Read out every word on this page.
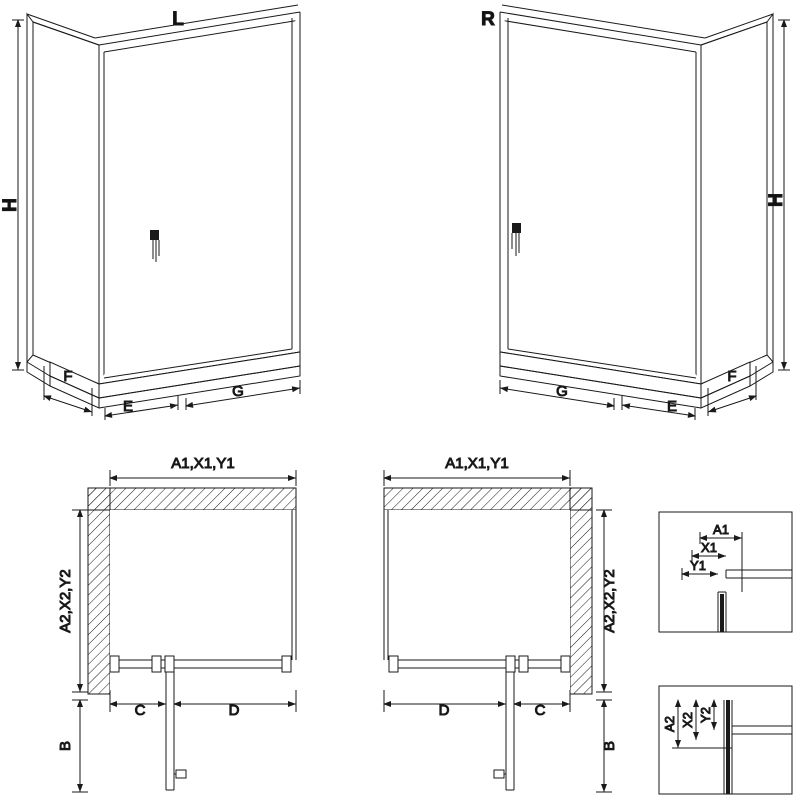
H
F
E
G
L
H
F
E
G
R
A1,X1,Y1
A2,X2,Y2
B
C	D
A1,X1,Y1
A2,X2,Y2
B
D	C
A1
X1
Y1
A2 X2 Y2
